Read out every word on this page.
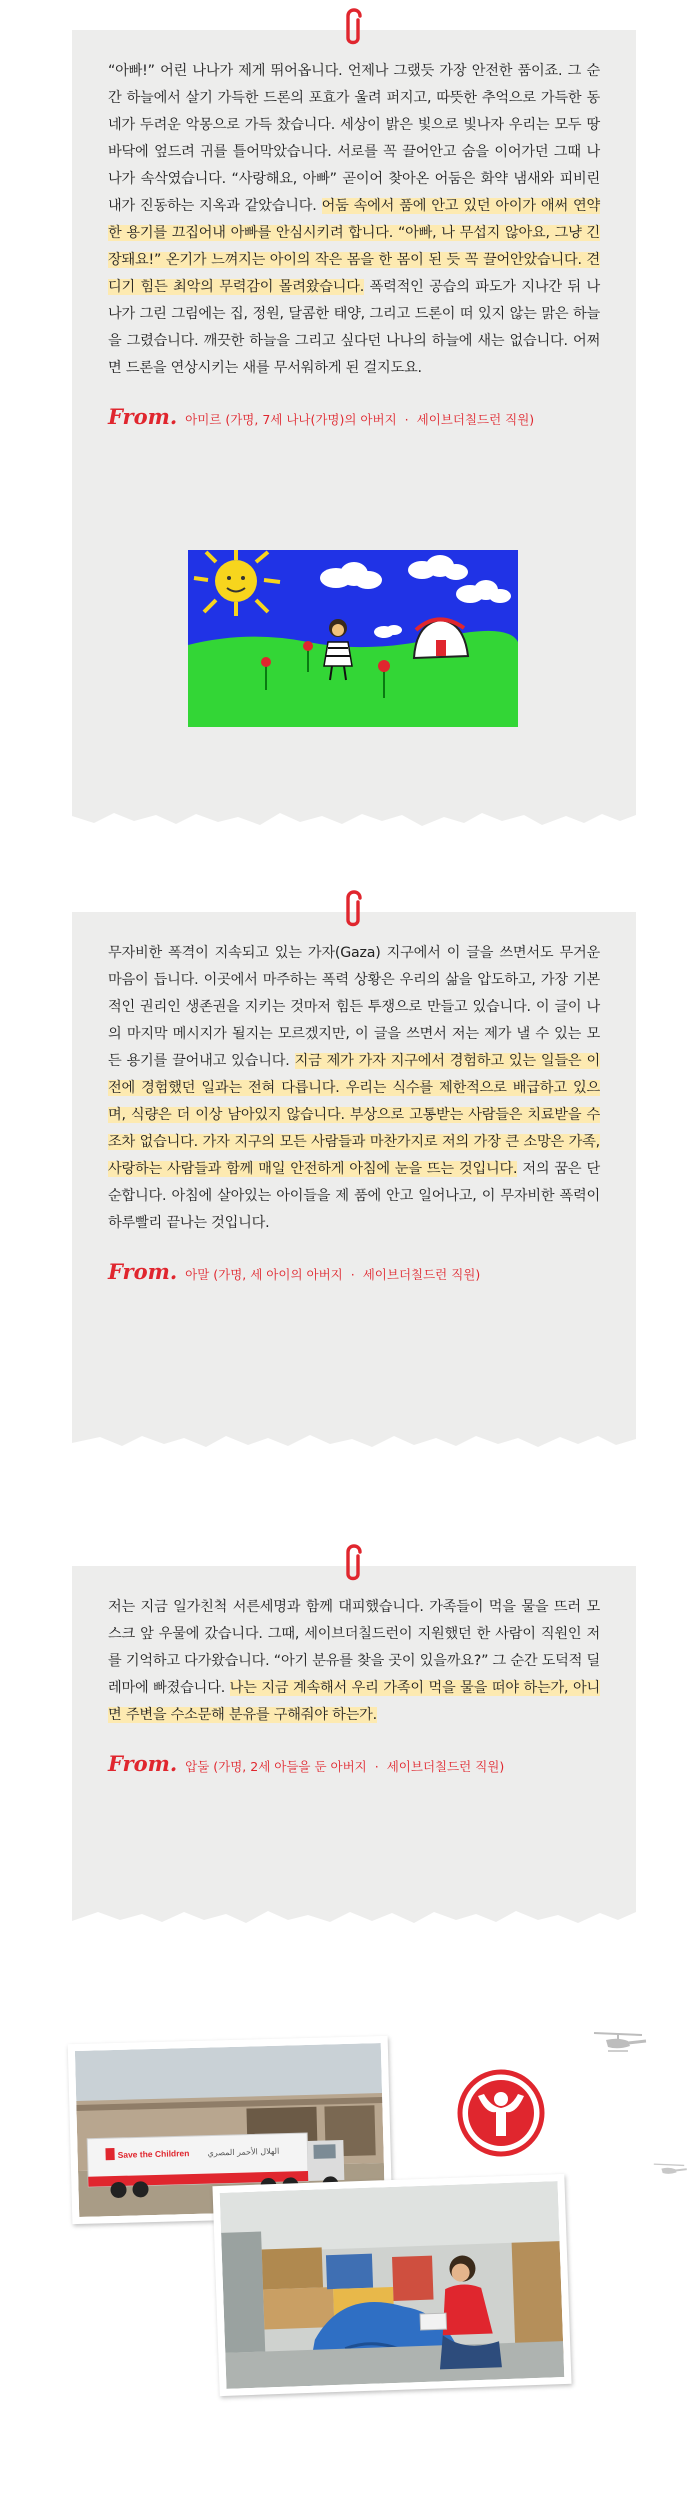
“아빠!” 어린 나나가 제게 뛰어옵니다. 언제나 그랬듯 가장 안전한 품이죠. 그 순간 하늘에서 살기 가득한 드론의 포효가 울려 퍼지고, 따뜻한 추억으로 가득한 동네가 두려운 악몽으로 가득 찼습니다. 세상이 밝은 빛으로 빛나자 우리는 모두 땅바닥에 엎드려 귀를 틀어막았습니다. 서로를 꼭 끌어안고 숨을 이어가던 그때 나나가 속삭였습니다. “사랑해요, 아빠” 곧이어 찾아온 어둠은 화약 냄새와 피비린내가 진동하는 지옥과 같았습니다. 어둠 속에서 품에 안고 있던 아이가 애써 연약한 용기를 끄집어내 아빠를 안심시키려 합니다. “아빠, 나 무섭지 않아요, 그냥 긴장돼요!” 온기가 느껴지는 아이의 작은 몸을 한 몸이 된 듯 꼭 끌어안았습니다. 견디기 힘든 최악의 무력감이 몰려왔습니다. 폭력적인 공습의 파도가 지나간 뒤 나나가 그린 그림에는 집, 정원, 달콤한 태양, 그리고 드론이 떠 있지 않는 맑은 하늘을 그렸습니다. 깨끗한 하늘을 그리고 싶다던 나나의 하늘에 새는 없습니다. 어쩌면 드론을 연상시키는 새를 무서워하게 된 걸지도요.

From. 아미르 (가명, 7세 나나(가명)의 아버지 · 세이브더칠드런 직원)

무자비한 폭격이 지속되고 있는 가자(Gaza) 지구에서 이 글을 쓰면서도 무거운 마음이 듭니다. 이곳에서 마주하는 폭력 상황은 우리의 삶을 압도하고, 가장 기본적인 권리인 생존권을 지키는 것마저 힘든 투쟁으로 만들고 있습니다. 이 글이 나의 마지막 메시지가 될지는 모르겠지만, 이 글을 쓰면서 저는 제가 낼 수 있는 모든 용기를 끌어내고 있습니다. 지금 제가 가자 지구에서 경험하고 있는 일들은 이전에 경험했던 일과는 전혀 다릅니다. 우리는 식수를 제한적으로 배급하고 있으며, 식량은 더 이상 남아있지 않습니다. 부상으로 고통받는 사람들은 치료받을 수조차 없습니다. 가자 지구의 모든 사람들과 마찬가지로 저의 가장 큰 소망은 가족, 사랑하는 사람들과 함께 매일 안전하게 아침에 눈을 뜨는 것입니다. 저의 꿈은 단순합니다. 아침에 살아있는 아이들을 제 품에 안고 일어나고, 이 무자비한 폭력이 하루빨리 끝나는 것입니다.

From. 아말 (가명, 세 아이의 아버지 · 세이브더칠드런 직원)

저는 지금 일가친척 서른세명과 함께 대피했습니다. 가족들이 먹을 물을 뜨러 모스크 앞 우물에 갔습니다. 그때, 세이브더칠드런이 지원했던 한 사람이 직원인 저를 기억하고 다가왔습니다. “아기 분유를 찾을 곳이 있을까요?” 그 순간 도덕적 딜레마에 빠졌습니다. 나는 지금 계속해서 우리 가족이 먹을 물을 떠야 하는가, 아니면 주변을 수소문해 분유를 구해줘야 하는가.

From. 압둘 (가명, 2세 아들을 둔 아버지 · 세이브더칠드런 직원)
Save the Children الهلال الأحمر المصري
